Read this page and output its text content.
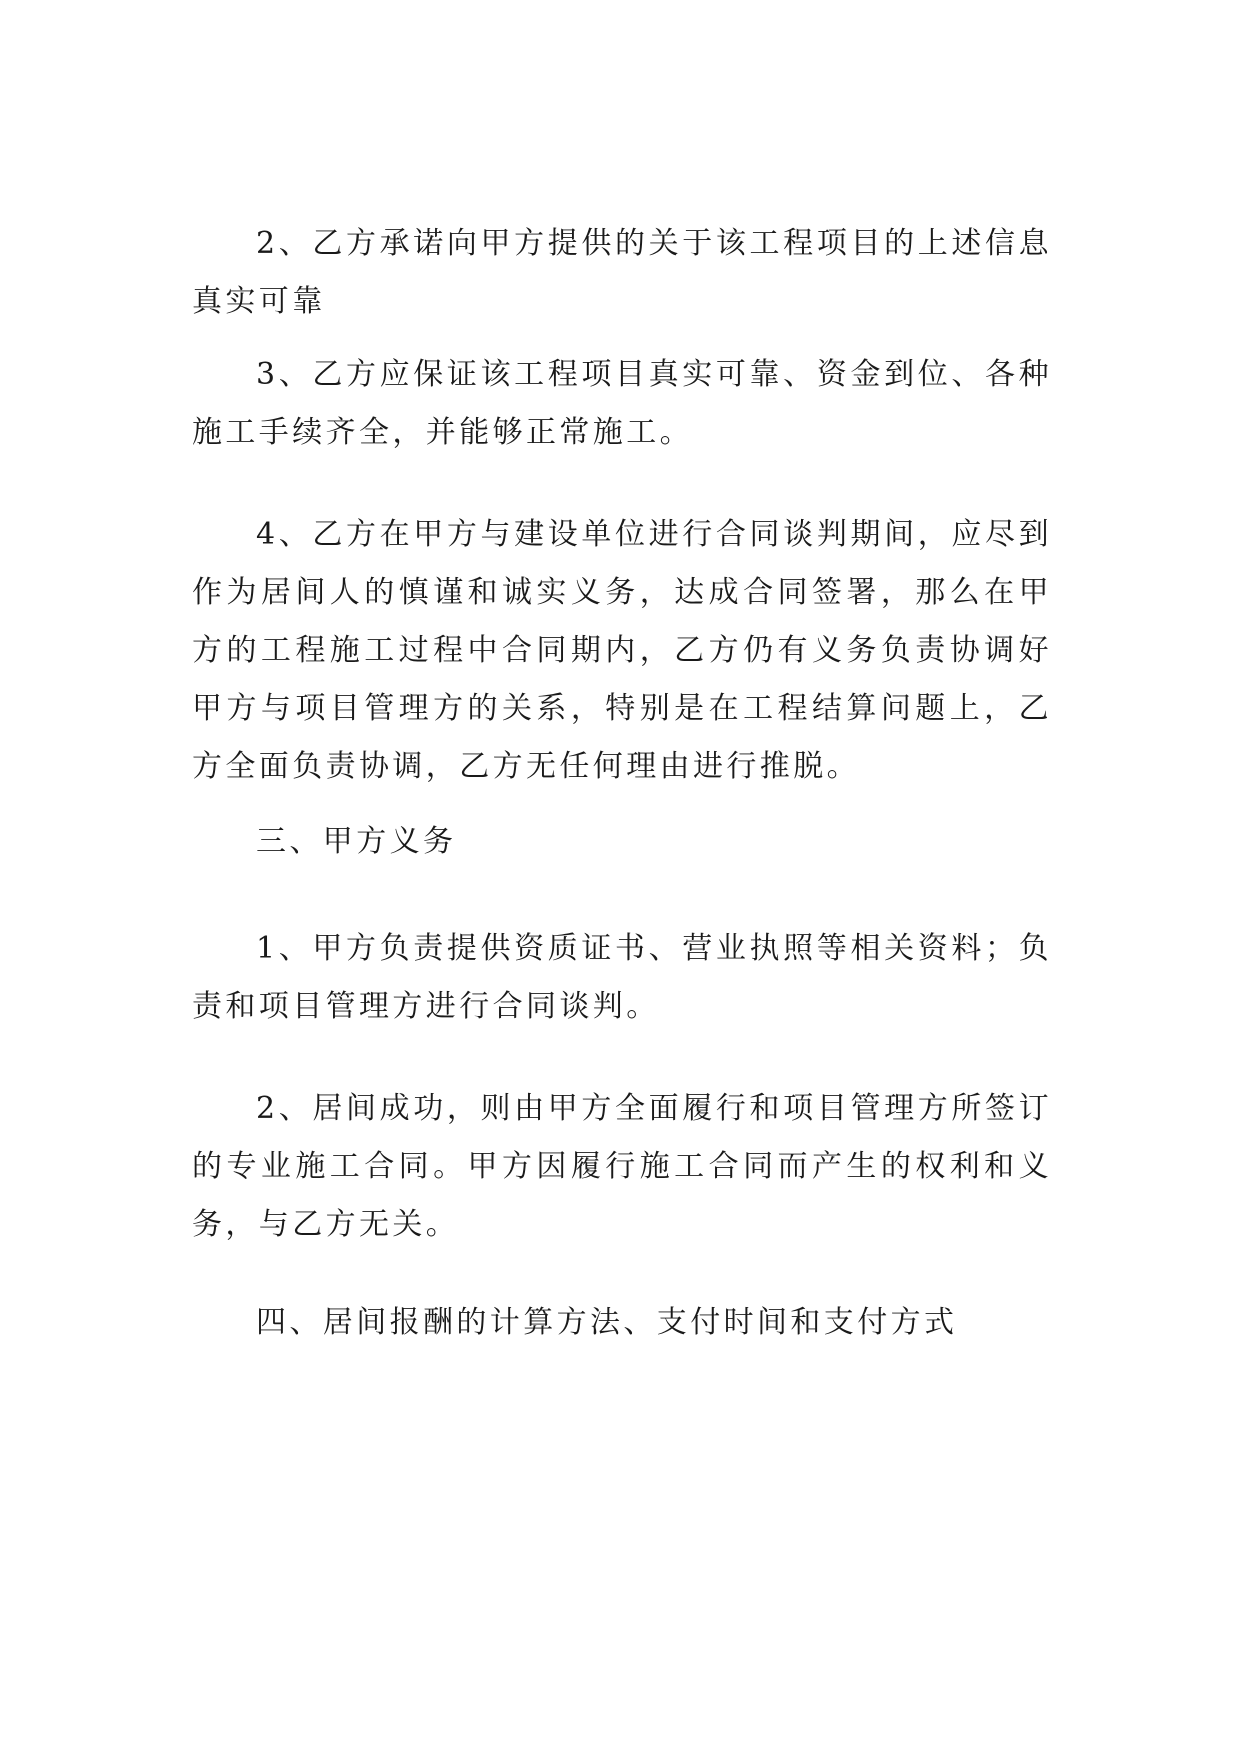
2、乙方承诺向甲方提供的关于该工程项目的上述信息真实可靠

3、乙方应保证该工程项目真实可靠、资金到位、各种施工手续齐全，并能够正常施工。

4、乙方在甲方与建设单位进行合同谈判期间，应尽到作为居间人的慎谨和诚实义务，达成合同签署，那么在甲方的工程施工过程中合同期内，乙方仍有义务负责协调好甲方与项目管理方的关系，特别是在工程结算问题上，乙方全面负责协调，乙方无任何理由进行推脱。

三、甲方义务

1、甲方负责提供资质证书、营业执照等相关资料；负责和项目管理方进行合同谈判。

2、居间成功，则由甲方全面履行和项目管理方所签订的专业施工合同。甲方因履行施工合同而产生的权利和义务，与乙方无关。

四、居间报酬的计算方法、支付时间和支付方式
